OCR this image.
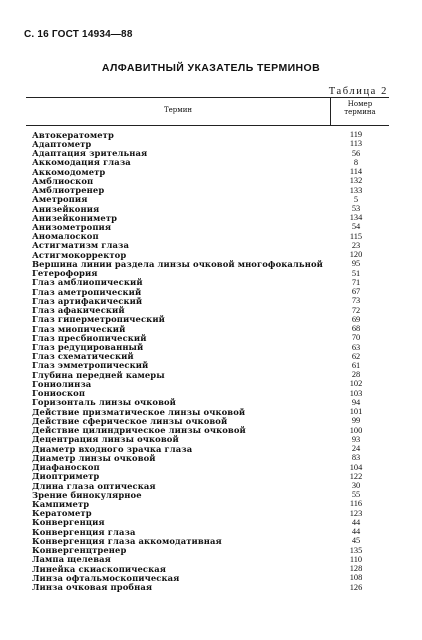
С. 16 ГОСТ 14934—88
АЛФАВИТНЫЙ УКАЗАТЕЛЬ ТЕРМИНОВ
Таблица 2
Термин
Номер
термина
Автокератометр	119
Адаптометр	113
Адаптация зрительная	56
Аккомодация глаза	8
Аккомодометр	114
Амблиоскоп	132
Амблиотренер	133
Аметропия	5
Анизейкония	53
Анизейкониметр	134
Анизометропия	54
Аномалоскоп	115
Астигматизм глаза	23
Астигмокорректор	120
Вершина линии раздела линзы очковой многофокальной	95
Гетерофория	51
Глаз амблиопический	71
Глаз аметропический	67
Глаз артифакический	73
Глаз афакический	72
Глаз гиперметропический	69
Глаз миопический	68
Глаз пресбиопический	70
Глаз редуцированный	63
Глаз схематический	62
Глаз эмметропический	61
Глубина передней камеры	28
Гониолинза	102
Гониоскоп	103
Горизонталь линзы очковой	94
Действие призматическое линзы очковой	101
Действие сферическое линзы очковой	99
Действие цилиндрическое линзы очковой	100
Децентрация линзы очковой	93
Диаметр входного зрачка глаза	24
Диаметр линзы очковой	83
Диафаноскоп	104
Диоптриметр	122
Длина глаза оптическая	30
Зрение бинокулярное	55
Кампиметр	116
Кератометр	123
Конвергенция	44
Конвергенция глаза	44
Конвергенция глаза аккомодативная	45
Конвергенцтренер	135
Лампа щелевая	110
Линейка скиаскопическая	128
Линза офтальмоскопическая	108
Линза очковая пробная	126
